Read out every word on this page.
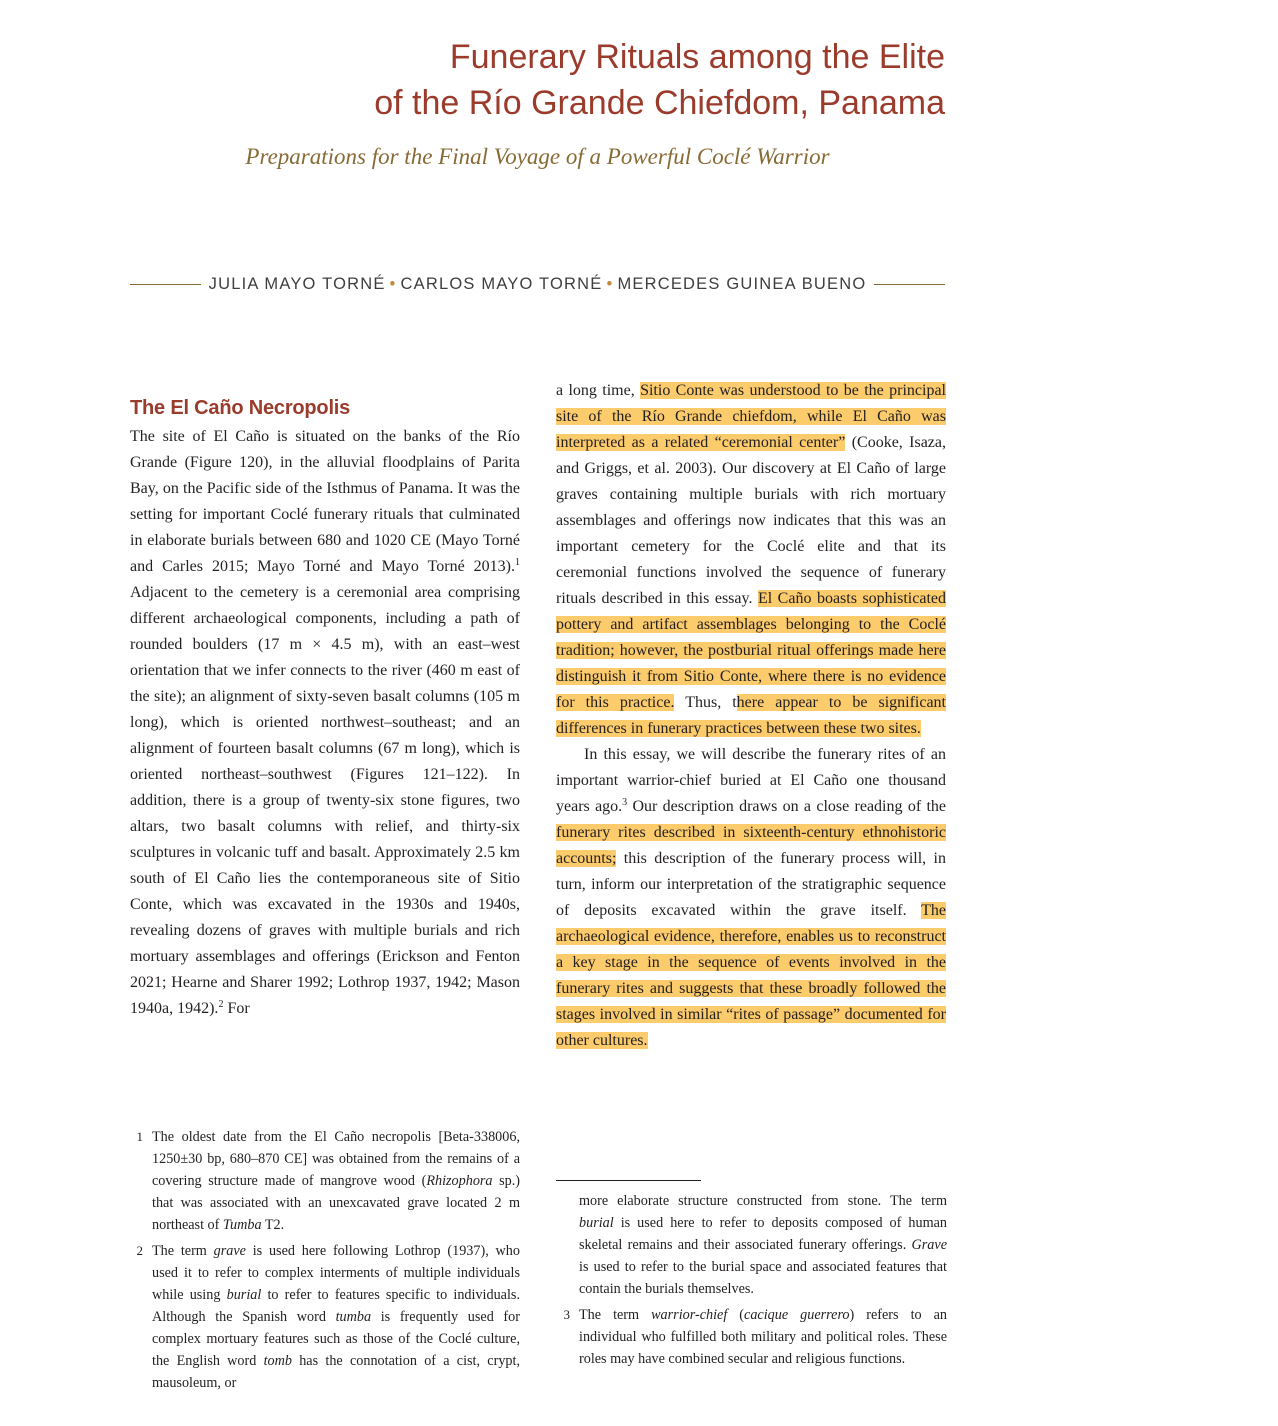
Funerary Rituals among the Elite
of the Río Grande Chiefdom, Panama
Preparations for the Final Voyage of a Powerful Coclé Warrior
JULIA MAYO TORNÉ • CARLOS MAYO TORNÉ • MERCEDES GUINEA BUENO
The El Caño Necropolis

The site of El Caño is situated on the banks of the Río Grande (Figure 120), in the alluvial floodplains of Parita Bay, on the Pacific side of the Isthmus of Panama. It was the setting for important Coclé funerary rituals that culminated in elaborate burials between 680 and 1020 CE (Mayo Torné and Carles 2015; Mayo Torné and Mayo Torné 2013).$^1$ Adjacent to the cemetery is a ceremonial area comprising different archaeological components, including a path of rounded boulders (17 m × 4.5 m), with an east–west orientation that we infer connects to the river (460 m east of the site); an alignment of sixty-seven basalt columns (105 m long), which is oriented northwest–southeast; and an alignment of fourteen basalt columns (67 m long), which is oriented northeast–southwest (Figures 121–122). In addition, there is a group of twenty-six stone figures, two altars, two basalt columns with relief, and thirty-six sculptures in volcanic tuff and basalt. Approximately 2.5 km south of El Caño lies the contemporaneous site of Sitio Conte, which was excavated in the 1930s and 1940s, revealing dozens of graves with multiple burials and rich mortuary assemblages and offerings (Erickson and Fenton 2021; Hearne and Sharer 1992; Lothrop 1937, 1942; Mason 1940a, 1942).$^2$ For

a long time, Sitio Conte was understood to be the principal site of the Río Grande chiefdom, while El Caño was interpreted as a related “ceremonial center” (Cooke, Isaza, and Griggs, et al. 2003). Our discovery at El Caño of large graves containing multiple burials with rich mortuary assemblages and offerings now indicates that this was an important cemetery for the Coclé elite and that its ceremonial functions involved the sequence of funerary rituals described in this essay. El Caño boasts sophisticated pottery and artifact assemblages belonging to the Coclé tradition; however, the postburial ritual offerings made here distinguish it from Sitio Conte, where there is no evidence for this practice. Thus, there appear to be significant differences in funerary practices between these two sites.

In this essay, we will describe the funerary rites of an important warrior-chief buried at El Caño one thousand years ago.$^3$ Our description draws on a close reading of the funerary rites described in sixteenth-century ethnohistoric accounts; this description of the funerary process will, in turn, inform our interpretation of the stratigraphic sequence of deposits excavated within the grave itself. The archaeological evidence, therefore, enables us to reconstruct a key stage in the sequence of events involved in the funerary rites and suggests that these broadly followed the stages involved in similar “rites of passage” documented for other cultures.

1 The oldest date from the El Caño necropolis [Beta-338006, 1250±30 bp, 680–870 CE] was obtained from the remains of a covering structure made of mangrove wood (Rhizophora sp.) that was associated with an unexcavated grave located 2 m northeast of Tumba T2.

2 The term grave is used here following Lothrop (1937), who used it to refer to complex interments of multiple individuals while using burial to refer to features specific to individuals. Although the Spanish word tumba is frequently used for complex mortuary features such as those of the Coclé culture, the English word tomb has the connotation of a cist, crypt, mausoleum, or

more elaborate structure constructed from stone. The term burial is used here to refer to deposits composed of human skeletal remains and their associated funerary offerings. Grave is used to refer to the burial space and associated features that contain the burials themselves.

3 The term warrior-chief (cacique guerrero) refers to an individual who fulfilled both military and political roles. These roles may have combined secular and religious functions.
